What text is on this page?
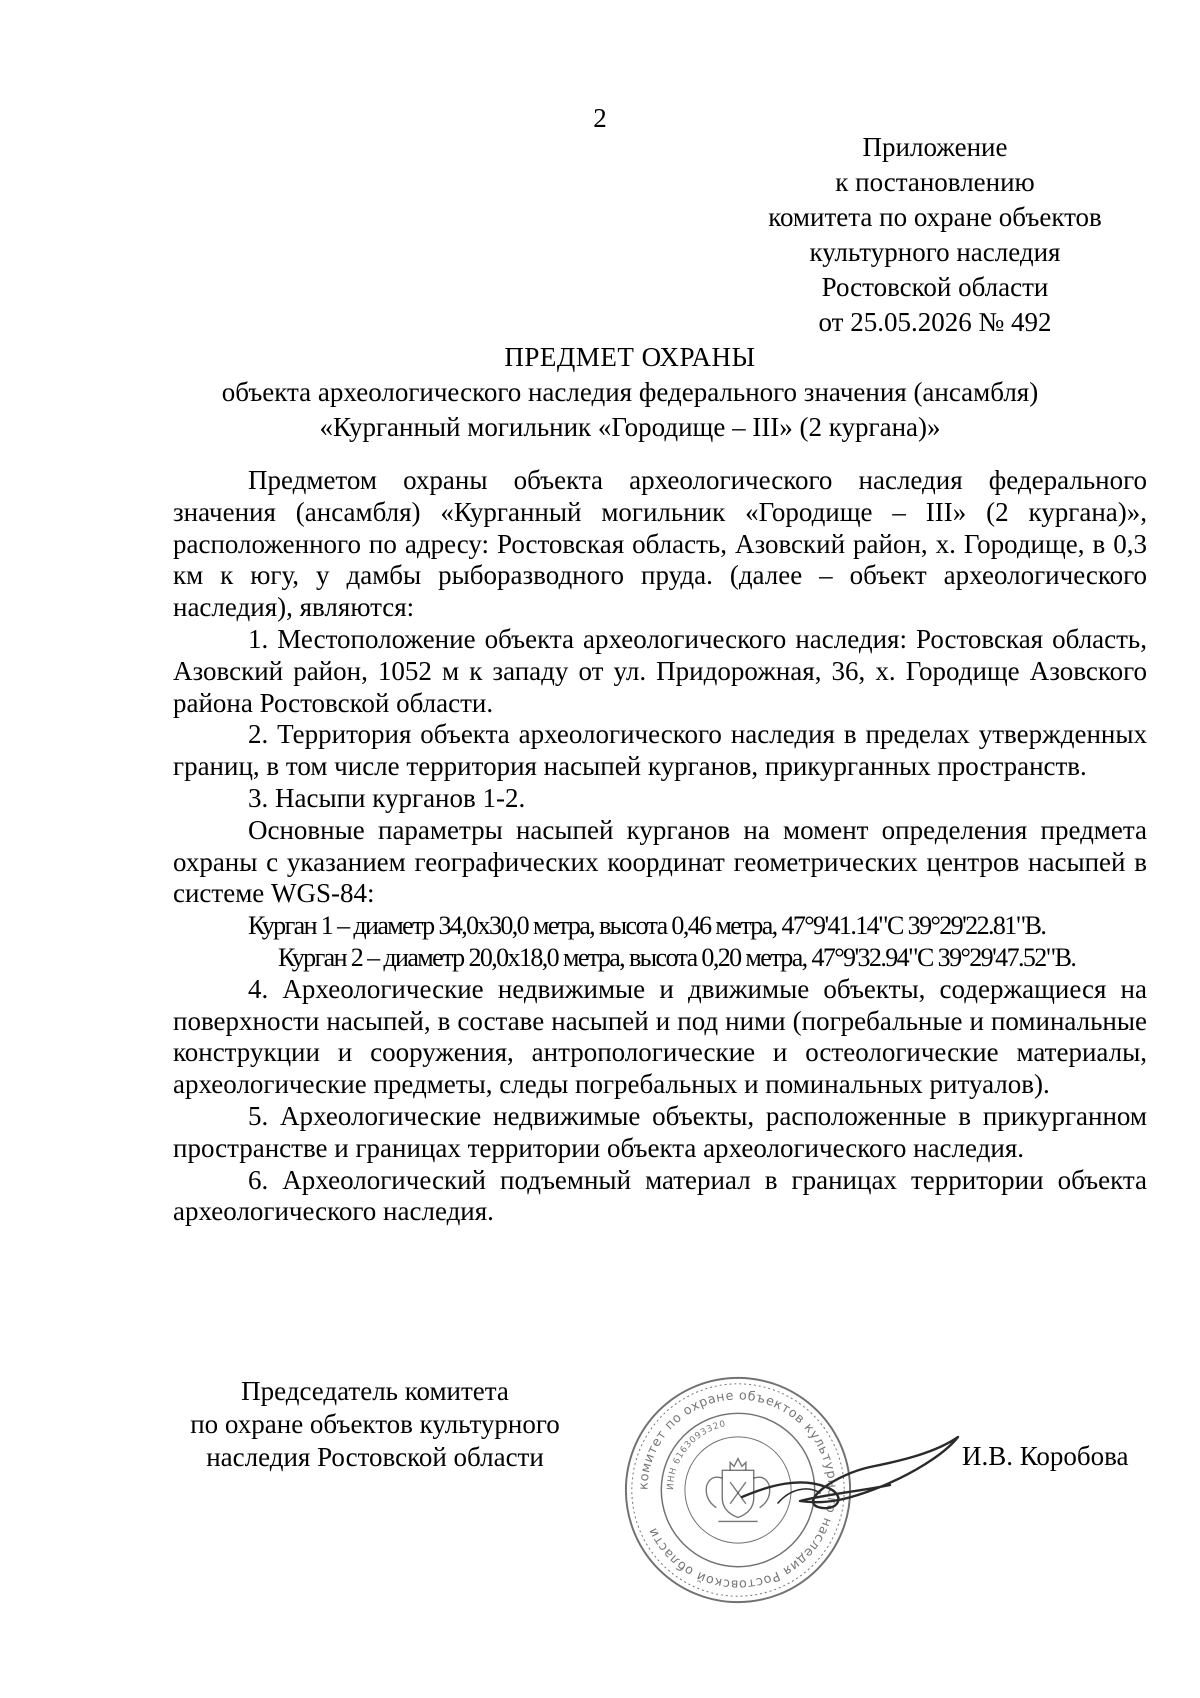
2
Приложение
к постановлению
комитета по охране объектов
культурного наследия
Ростовской области
от 25.05.2026 № 492
ПРЕДМЕТ ОХРАНЫ
объекта археологического наследия федерального значения (ансамбля)
«Курганный могильник «Городище – III» (2 кургана)»

Предметом охраны объекта археологического наследия федерального значения (ансамбля) «Курганный могильник «Городище – III» (2 кургана)», расположенного по адресу: Ростовская область, Азовский район, х. Городище, в 0,3 км к югу, у дамбы рыборазводного пруда. (далее – объект археологического наследия), являются:

1. Местоположение объекта археологического наследия: Ростовская область, Азовский район, 1052 м к западу от ул. Придорожная, 36, х. Городище Азовского района Ростовской области.

2. Территория объекта археологического наследия в пределах утвержденных границ, в том числе территория насыпей курганов, прикурганных пространств.

3. Насыпи курганов 1-2.

Основные параметры насыпей курганов на момент определения предмета охраны с указанием географических координат геометрических центров насыпей в системе WGS-84:

Курган 1 – диаметр 34,0х30,0 метра, высота 0,46 метра, 47°9'41.14"С 39°29'22.81"В.

Курган 2 – диаметр 20,0х18,0 метра, высота 0,20 метра, 47°9'32.94"С 39°29'47.52"В.

4. Археологические недвижимые и движимые объекты, содержащиеся на поверхности насыпей, в составе насыпей и под ними (погребальные и поминальные конструкции и сооружения, антропологические и остеологические материалы, археологические предметы, следы погребальных и поминальных ритуалов).

5. Археологические недвижимые объекты, расположенные в прикурганном пространстве и границах территории объекта археологического наследия.

6. Археологический подъемный материал в границах территории объекта археологического наследия.

Председатель комитета
по охране объектов культурного
наследия Ростовской области
комитет по охране объектов культурного наследия Ростовской области
ИНН 6163093320
И.В. Коробова
